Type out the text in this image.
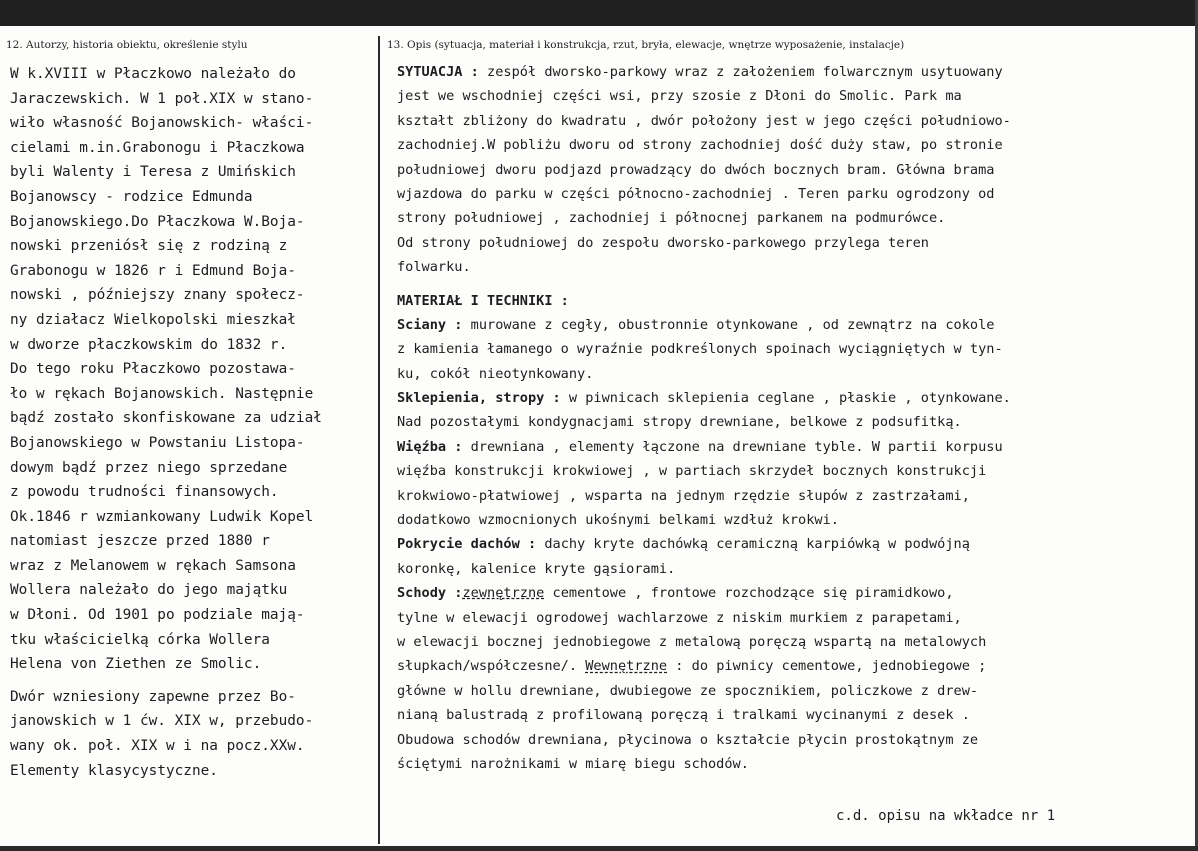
12. Autorzy, historia obiektu, określenie stylu	13. Opis (sytuacja, materiał i konstrukcja, rzut, bryła, elewacje, wnętrze wyposażenie, instalacje)
W k.XVIII w Płaczkowo należało do
Jaraczewskich. W 1 poł.XIX w stano-
wiło własność Bojanowskich- właści-
cielami m.in.Grabonogu i Płaczkowa
byli Walenty i Teresa z Umińskich
Bojanowscy - rodzice Edmunda
Bojanowskiego.Do Płaczkowa W.Boja-
nowski przeniósł się z rodziną z
Grabonogu w 1826 r i Edmund Boja-
nowski , późniejszy znany społecz-
ny działacz Wielkopolski mieszkał
w dworze płaczkowskim do 1832 r.
Do tego roku Płaczkowo pozostawa-
ło w rękach Bojanowskich. Następnie
bądź zostało skonfiskowane za udział
Bojanowskiego w Powstaniu Listopa-
dowym bądź przez niego sprzedane
z powodu trudności finansowych.
Ok.1846 r wzmiankowany Ludwik Kopel
natomiast jeszcze przed 1880 r
wraz z Melanowem w rękach Samsona
Wollera należało do jego majątku
w Dłoni. Od 1901 po podziale mają-
tku właścicielką córka Wollera
Helena von Ziethen ze Smolic.
Dwór wzniesiony zapewne przez Bo-
janowskich w 1 ćw. XIX w, przebudo-
wany ok. poł. XIX w i na pocz.XXw.
Elementy klasycystyczne.
SYTUACJA : zespół dworsko-parkowy wraz z założeniem folwarcznym usytuowany
jest we wschodniej części wsi, przy szosie z Dłoni do Smolic. Park ma
kształt zbliżony do kwadratu , dwór położony jest w jego części południowo-
zachodniej.W pobliżu dworu od strony zachodniej dość duży staw, po stronie
południowej dworu podjazd prowadzący do dwóch bocznych bram. Główna brama
wjazdowa do parku w części północno-zachodniej . Teren parku ogrodzony od
strony południowej , zachodniej i północnej parkanem na podmurówce.
Od strony południowej do zespołu dworsko-parkowego przylega teren
folwarku.
MATERIAŁ I TECHNIKI :
Sciany : murowane z cegły, obustronnie otynkowane , od zewnątrz na cokole
z kamienia łamanego o wyraźnie podkreślonych spoinach wyciągniętych w tyn-
ku, cokół nieotynkowany.
Sklepienia, stropy : w piwnicach sklepienia ceglane , płaskie , otynkowane.
Nad pozostałymi kondygnacjami stropy drewniane, belkowe z podsufitką.
Więźba : drewniana , elementy łączone na drewniane tyble. W partii korpusu
więźba konstrukcji krokwiowej , w partiach skrzydeł bocznych konstrukcji
krokwiowo-płatwiowej , wsparta na jednym rzędzie słupów z zastrzałami,
dodatkowo wzmocnionych ukośnymi belkami wzdłuż krokwi.
Pokrycie dachów : dachy kryte dachówką ceramiczną karpiówką w podwójną
koronkę, kalenice kryte gąsiorami.
Schody :zewnętrzne cementowe , frontowe rozchodzące się piramidkowo,
tylne w elewacji ogrodowej wachlarzowe z niskim murkiem z parapetami,
w elewacji bocznej jednobiegowe z metalową poręczą wspartą na metalowych
słupkach/współczesne/. Wewnętrzne : do piwnicy cementowe, jednobiegowe ;
główne w hollu drewniane, dwubiegowe ze spocznikiem, policzkowe z drew-
nianą balustradą z profilowaną poręczą i tralkami wycinanymi z desek .
Obudowa schodów drewniana, płycinowa o kształcie płycin prostokątnym ze
ściętymi narożnikami w miarę biegu schodów.
c.d. opisu na wkładce nr 1
